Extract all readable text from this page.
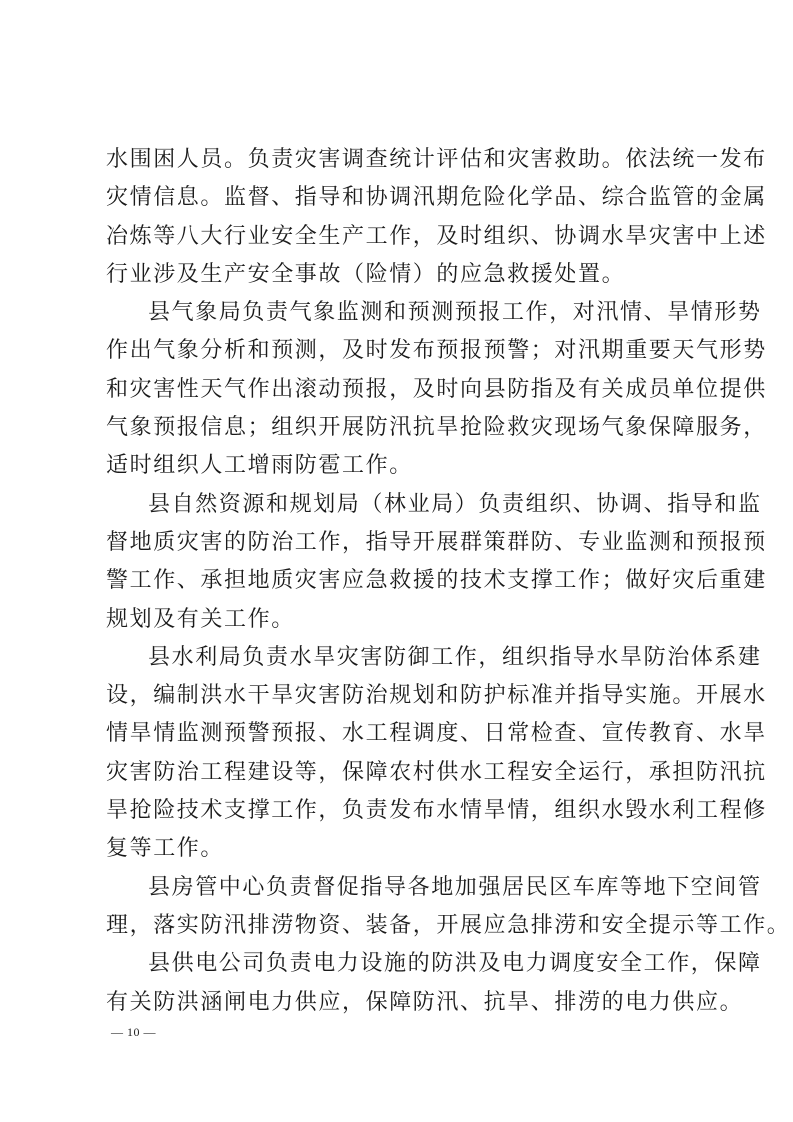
水围困人员。负责灾害调查统计评估和灾害救助。依法统一发布
灾情信息。监督、指导和协调汛期危险化学品、综合监管的金属
冶炼等八大行业安全生产工作，及时组织、协调水旱灾害中上述
行业涉及生产安全事故（险情）的应急救援处置。
县气象局负责气象监测和预测预报工作，对汛情、旱情形势
作出气象分析和预测，及时发布预报预警；对汛期重要天气形势
和灾害性天气作出滚动预报，及时向县防指及有关成员单位提供
气象预报信息；组织开展防汛抗旱抢险救灾现场气象保障服务，
适时组织人工增雨防雹工作。
县自然资源和规划局（林业局）负责组织、协调、指导和监
督地质灾害的防治工作，指导开展群策群防、专业监测和预报预
警工作、承担地质灾害应急救援的技术支撑工作；做好灾后重建
规划及有关工作。
县水利局负责水旱灾害防御工作，组织指导水旱防治体系建
设，编制洪水干旱灾害防治规划和防护标准并指导实施。开展水
情旱情监测预警预报、水工程调度、日常检查、宣传教育、水旱
灾害防治工程建设等，保障农村供水工程安全运行，承担防汛抗
旱抢险技术支撑工作，负责发布水情旱情，组织水毁水利工程修
复等工作。
县房管中心负责督促指导各地加强居民区车库等地下空间管
理，落实防汛排涝物资、装备，开展应急排涝和安全提示等工作。
县供电公司负责电力设施的防洪及电力调度安全工作，保障
有关防洪涵闸电力供应，保障防汛、抗旱、排涝的电力供应。
— 10 —
